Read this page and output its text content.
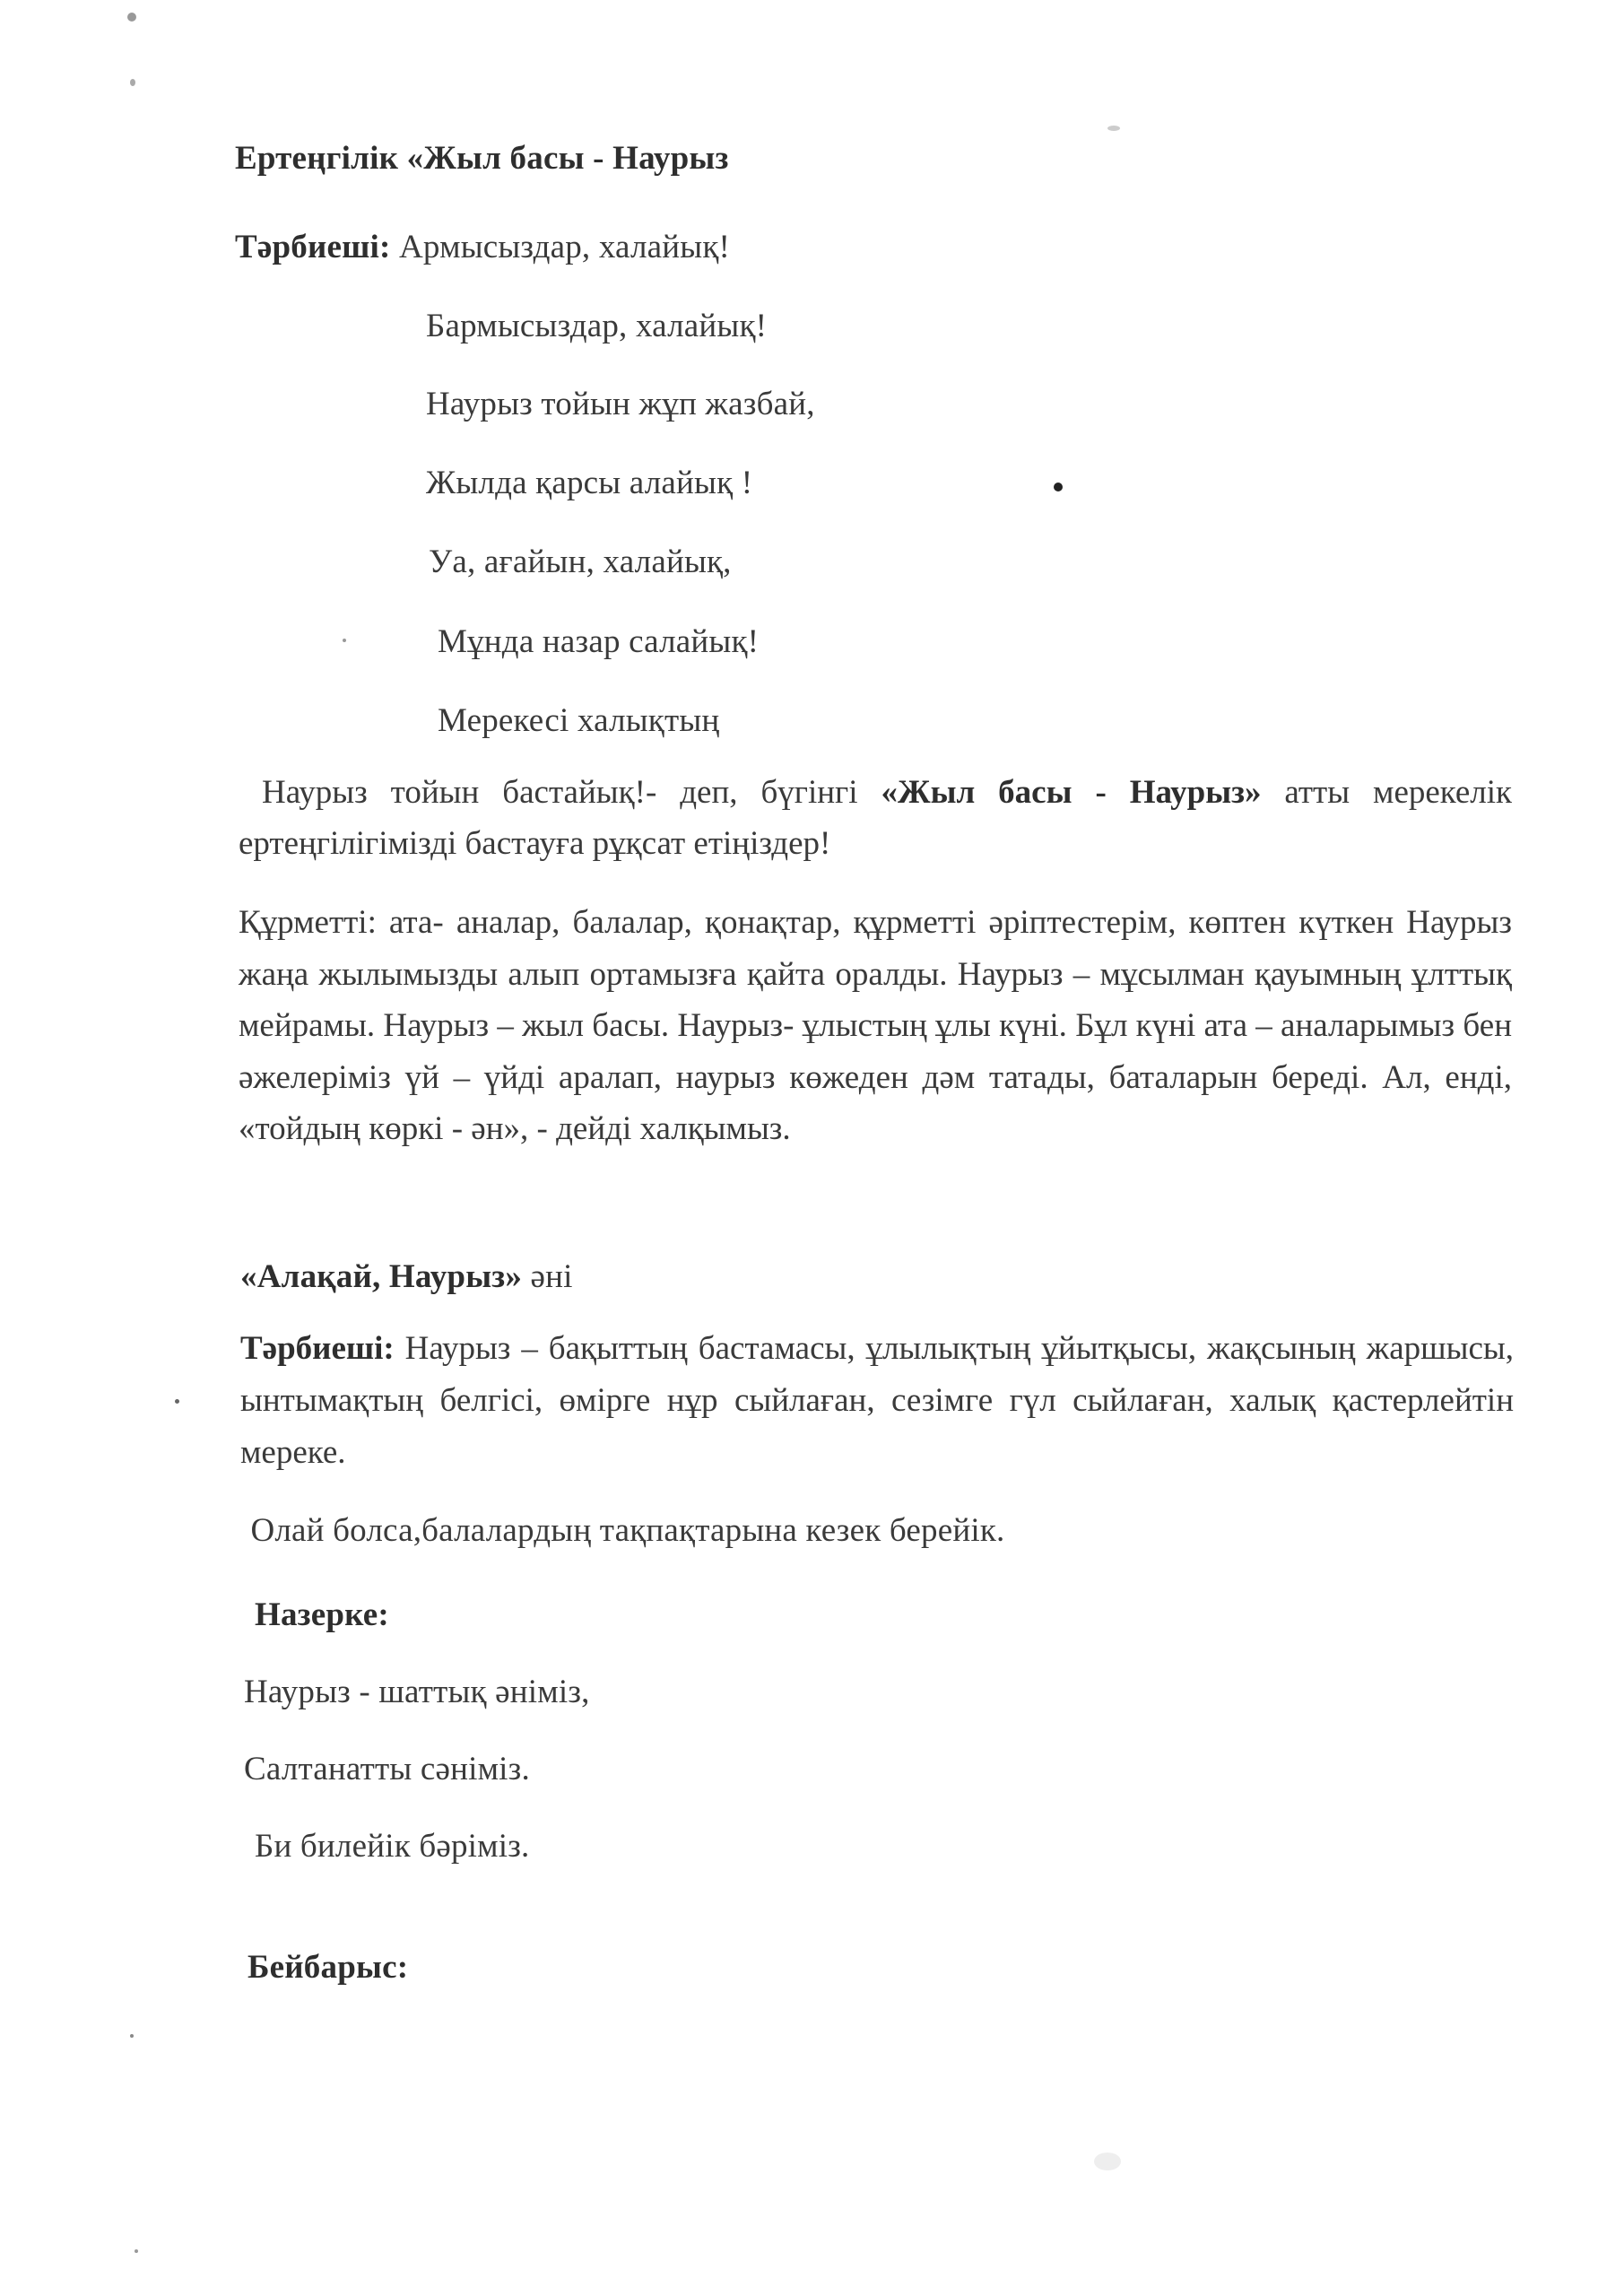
Ертеңгілік «Жыл басы - Наурыз
Тәрбиеші: Армысыздар, халайық!
Бармысыздар, халайық!
Наурыз тойын жұп жазбай,
Жылда қарсы алайық !
Уа, ағайын, халайық,
Мұнда назар салайық!
Мерекесі халықтың
Наурыз тойын бастайық!- деп, бүгінгі «Жыл басы - Наурыз» атты мерекелік ертеңгілігімізді бастауға рұқсат етіңіздер!
Құрметті: ата- аналар, балалар, қонақтар, құрметті әріптестерім, көптен күткен Наурыз жаңа жылымызды алып ортамызға қайта оралды. Наурыз – мұсылман қауымның ұлттық мейрамы. Наурыз – жыл басы. Наурыз- ұлыстың ұлы күні. Бұл күні ата – аналарымыз бен әжелеріміз үй – үйді аралап, наурыз көжеден дәм татады, баталарын береді. Ал, енді, «тойдың көркі - ән», - дейді халқымыз.
«Алақай, Наурыз» әні
Тәрбиеші: Наурыз – бақыттың бастамасы, ұлылықтың ұйытқысы, жақсының жаршысы, ынтымақтың белгісі, өмірге нұр сыйлаған, сезімге гүл сыйлаған, халық қастерлейтін мереке.
Олай болса,балалардың тақпақтарына кезек берейік.
Назерке:
Наурыз - шаттық әніміз,
Салтанатты сәніміз.
Би билейік бәріміз.
Бейбарыс:
